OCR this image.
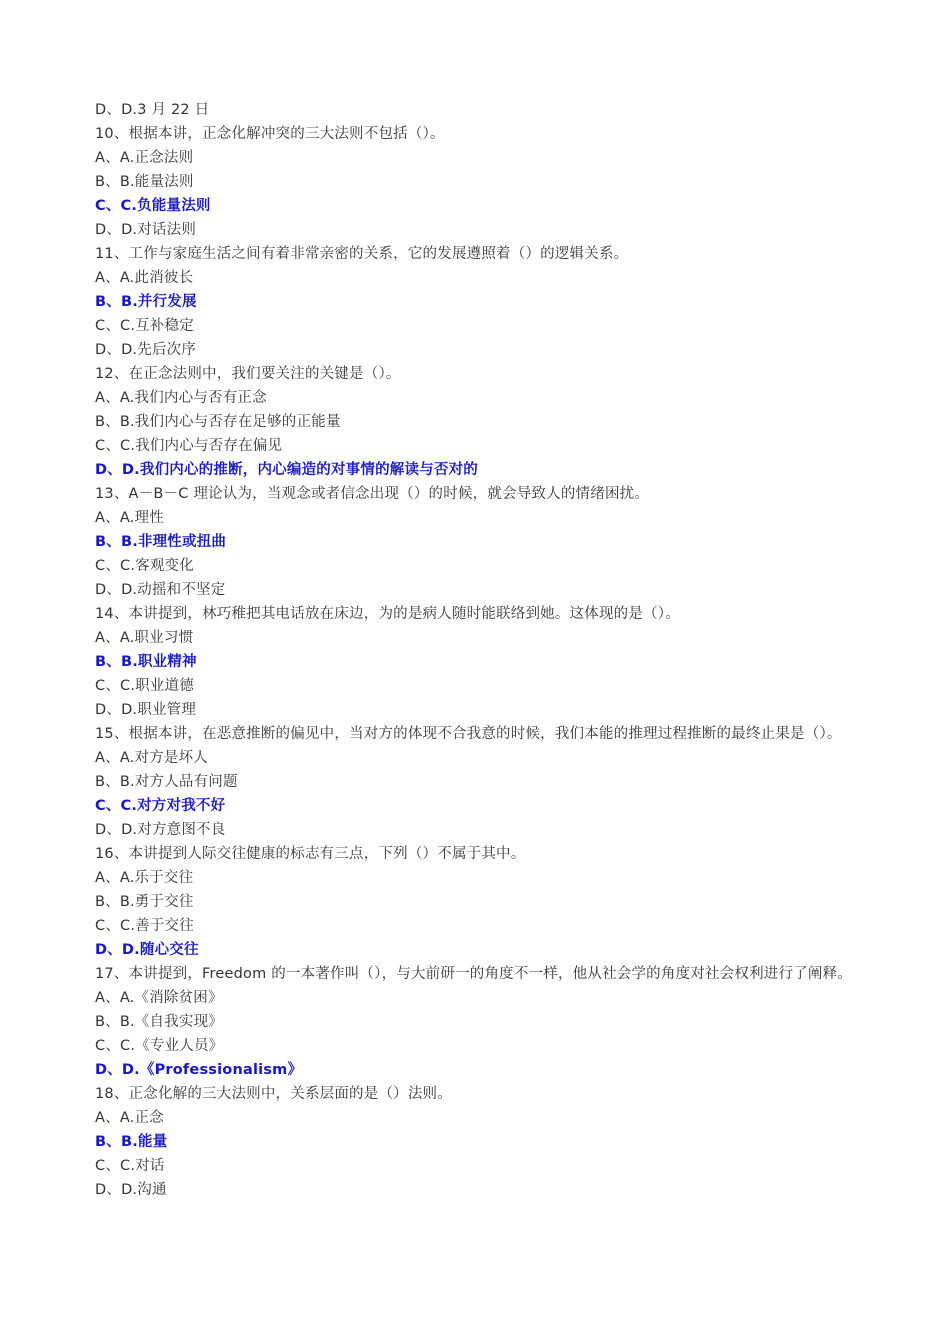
D、D.3 月 22 日
10、根据本讲，正念化解冲突的三大法则不包括（）。
A、A.正念法则
B、B.能量法则
C、C.负能量法则
D、D.对话法则
11、工作与家庭生活之间有着非常亲密的关系，它的发展遵照着（）的逻辑关系。
A、A.此消彼长
B、B.并行发展
C、C.互补稳定
D、D.先后次序
12、在正念法则中，我们要关注的关键是（）。
A、A.我们内心与否有正念
B、B.我们内心与否存在足够的正能量
C、C.我们内心与否存在偏见
D、D.我们内心的推断，内心编造的对事情的解读与否对的
13、A－B－C 理论认为，当观念或者信念出现（）的时候，就会导致人的情绪困扰。
A、A.理性
B、B.非理性或扭曲
C、C.客观变化
D、D.动摇和不坚定
14、本讲提到，林巧稚把其电话放在床边，为的是病人随时能联络到她。这体现的是（）。
A、A.职业习惯
B、B.职业精神
C、C.职业道德
D、D.职业管理
15、根据本讲，在恶意推断的偏见中，当对方的体现不合我意的时候，我们本能的推理过程推断的最终止果是（）。
A、A.对方是坏人
B、B.对方人品有问题
C、C.对方对我不好
D、D.对方意图不良
16、本讲提到人际交往健康的标志有三点，下列（）不属于其中。
A、A.乐于交往
B、B.勇于交往
C、C.善于交往
D、D.随心交往
17、本讲提到，Freedom 的一本著作叫（），与大前研一的角度不一样，他从社会学的角度对社会权利进行了阐释。
A、A.《消除贫困》
B、B.《自我实现》
C、C.《专业人员》
D、D.《Professionalism》
18、正念化解的三大法则中，关系层面的是（）法则。
A、A.正念
B、B.能量
C、C.对话
D、D.沟通
